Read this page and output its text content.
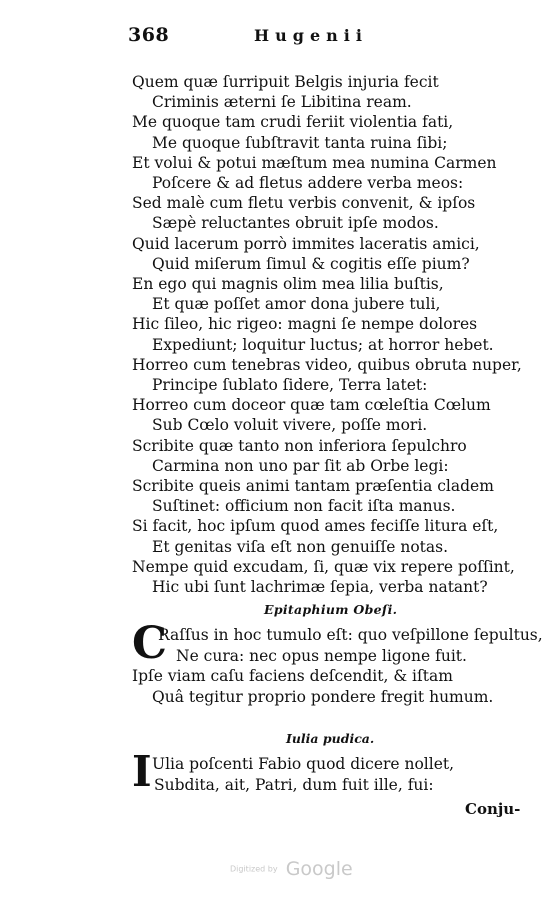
368	Hugenii
Quem quæ ſurripuit Belgis injuria fecit
Criminis æterni ſe Libitina ream.
Me quoque tam crudi feriit violentia fati,
Me quoque ſubſtravit tanta ruina ſibi;
Et volui & potui mæſtum mea numina Carmen
Poſcere & ad fletus addere verba meos:
Sed malè cum fletu verbis convenit, & ipſos
Sæpè reluctantes obruit ipſe modos.
Quid lacerum porrò immites laceratis amici,
Quid miſerum ſimul & cogitis eſſe pium?
En ego qui magnis olim mea lilia buſtis,
Et quæ poſſet amor dona jubere tuli,
Hic ſileo, hic rigeo: magni ſe nempe dolores
Expediunt; loquitur luctus; at horror hebet.
Horreo cum tenebras video, quibus obruta nuper,
Principe ſublato ſidere, Terra latet:
Horreo cum doceor quæ tam cœleſtia Cœlum
Sub Cœlo voluit vivere, poſſe mori.
Scribite quæ tanto non inferiora ſepulchro
Carmina non uno par ſit ab Orbe legi:
Scribite queis animi tantam præſentia cladem
Suſtinet: officium non facit iſta manus.
Si facit, hoc ipſum quod ames feciſſe litura eſt,
Et genitas viſa eſt non genuiſſe notas.
Nempe quid excudam, ſi, quæ vix repere poſſint,
Hic ubi ſunt lachrimæ ſepia, verba natant?
Epitaphium Obeſi.
C
Raſſus in hoc tumulo eſt: quo veſpillone ſepultus,
Ne cura: nec opus nempe ligone fuit.
Ipſe viam caſu faciens deſcendit, & iſtam
Quâ tegitur proprio pondere fregit humum.
Iulia pudica.
I Ulia poſcenti Fabio quod dicere nollet,
Subdita, ait, Patri, dum fuit ille, fui:
Conju-
Digitized by Google
